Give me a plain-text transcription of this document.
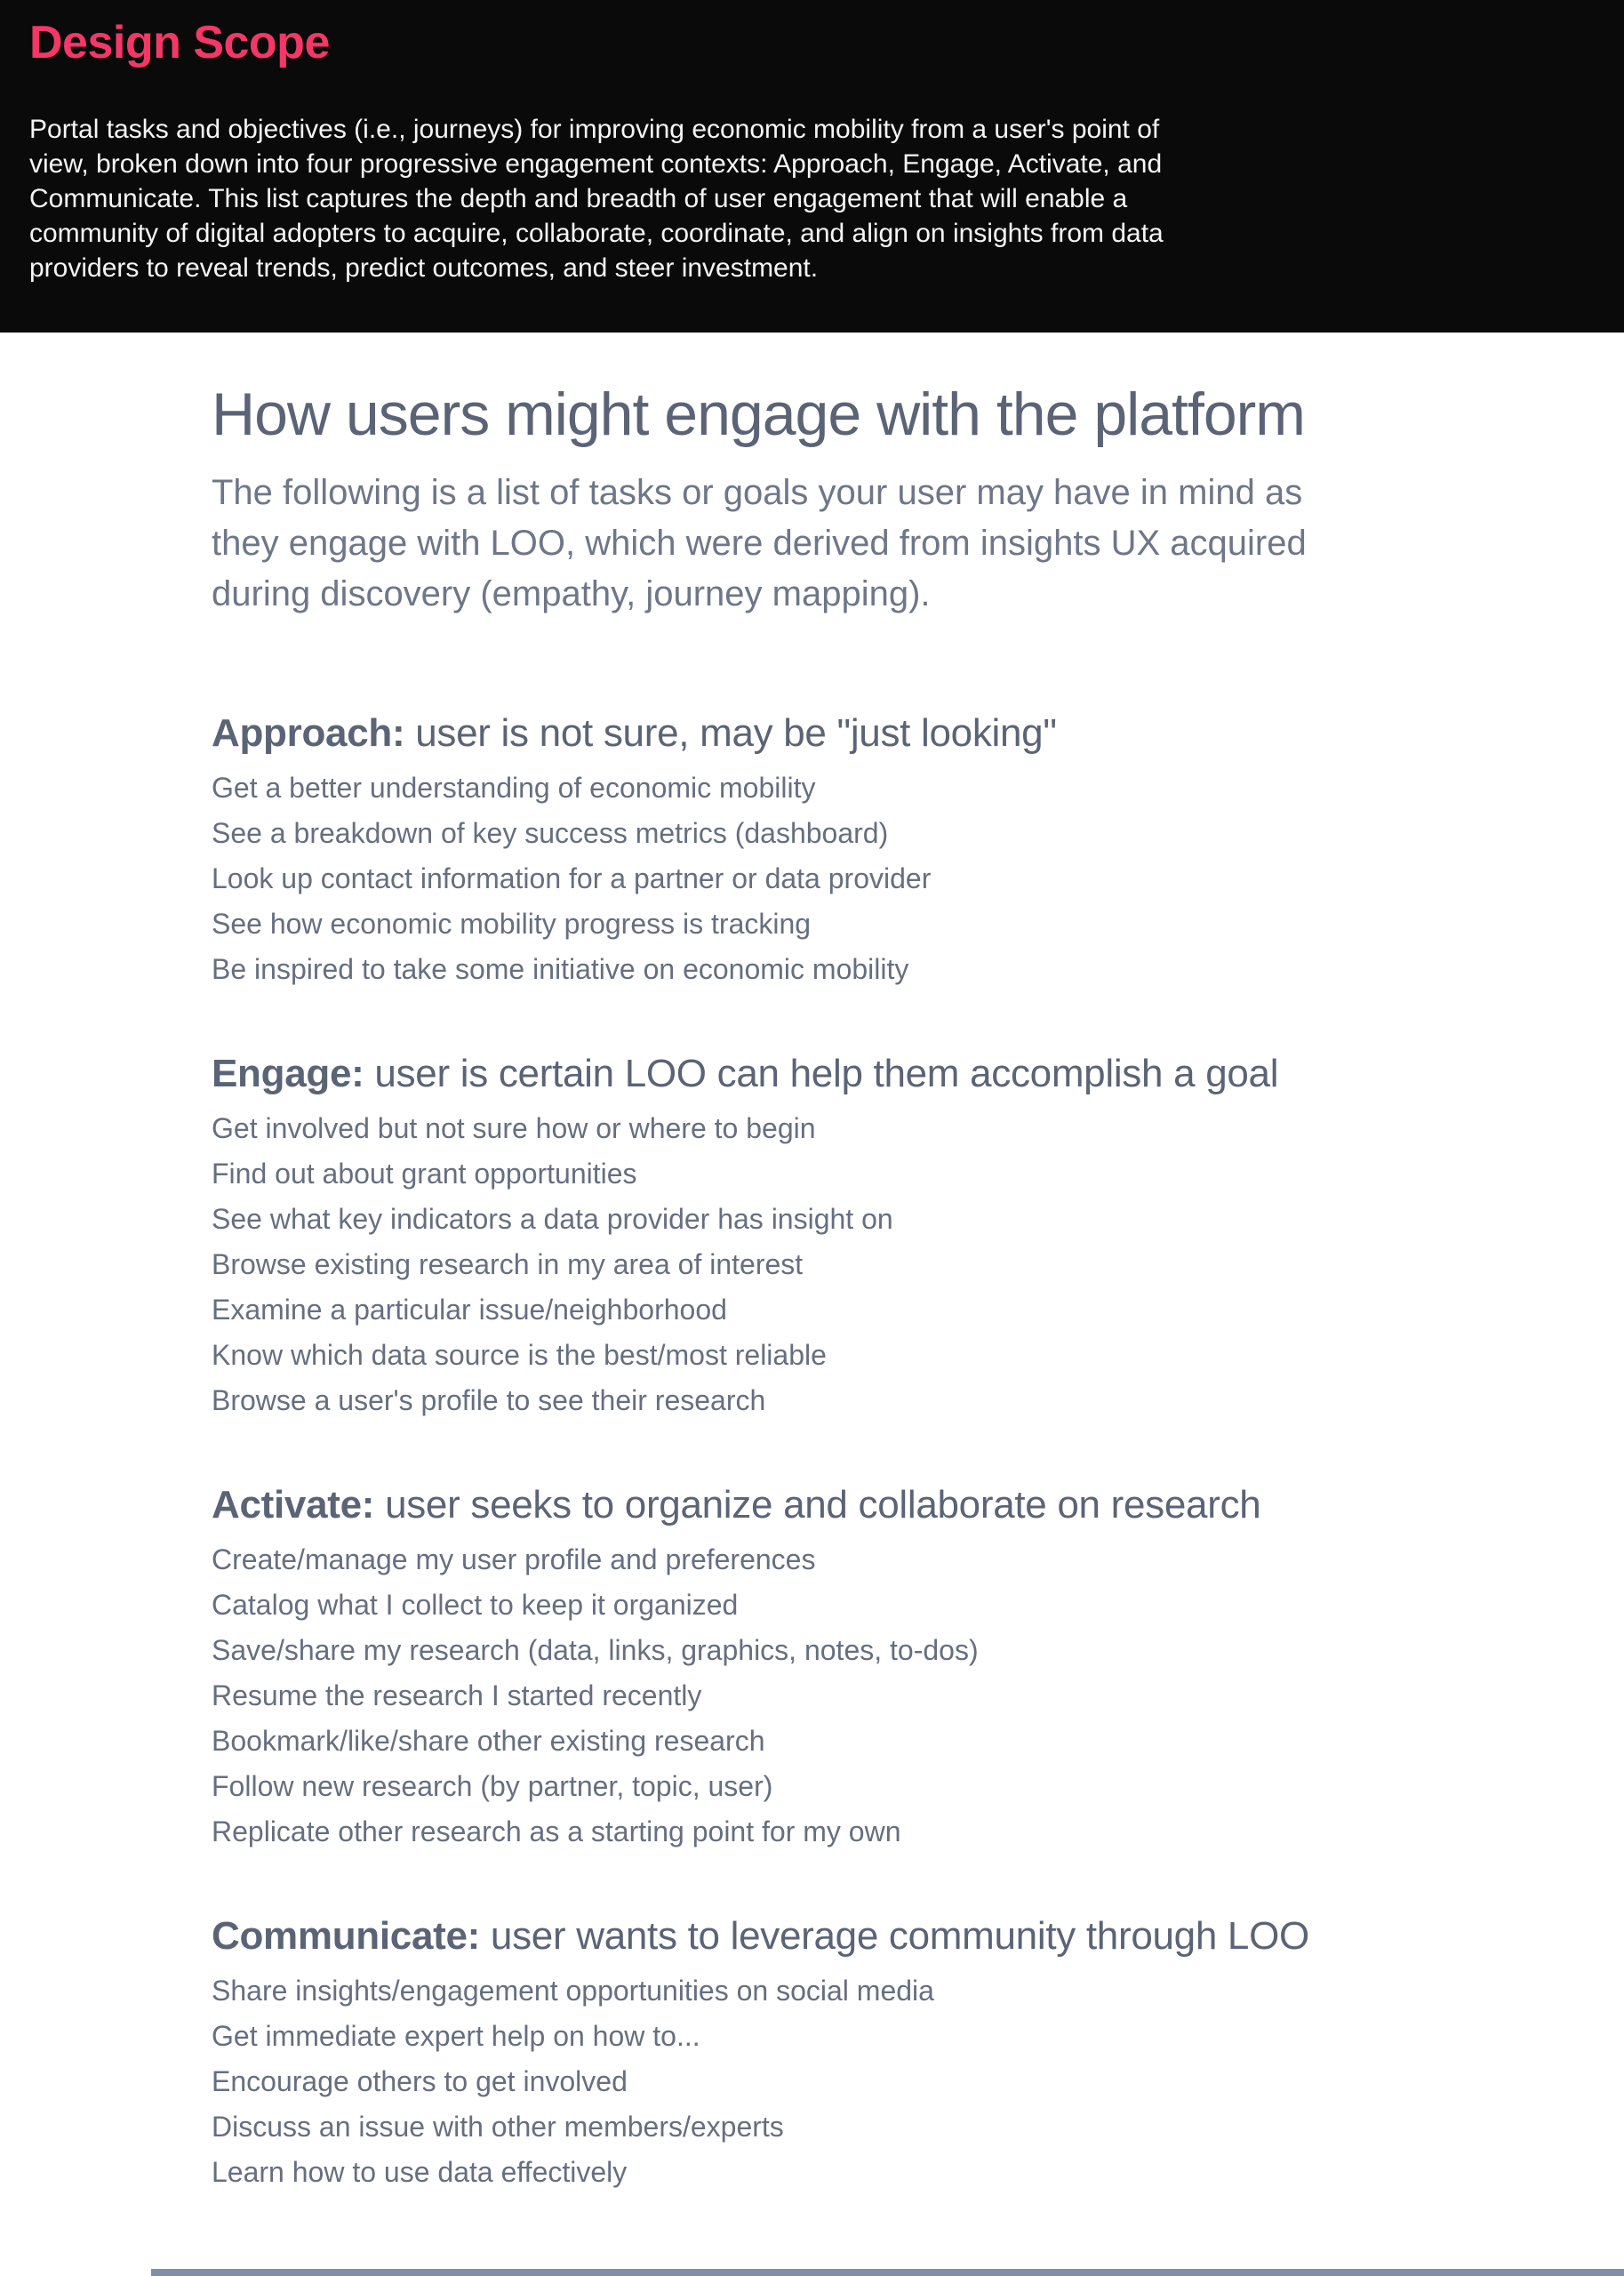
Design Scope
Portal tasks and objectives (i.e., journeys) for improving economic mobility from a user's point of
view, broken down into four progressive engagement contexts: Approach, Engage, Activate, and
Communicate. This list captures the depth and breadth of user engagement that will enable a
community of digital adopters to acquire, collaborate, coordinate, and align on insights from data
providers to reveal trends, predict outcomes, and steer investment.
How users might engage with the platform
The following is a list of tasks or goals your user may have in mind as
they engage with LOO, which were derived from insights UX acquired
during discovery (empathy, journey mapping).
Approach: user is not sure, may be "just looking"
Get a better understanding of economic mobility
See a breakdown of key success metrics (dashboard)
Look up contact information for a partner or data provider
See how economic mobility progress is tracking
Be inspired to take some initiative on economic mobility
Engage: user is certain LOO can help them accomplish a goal
Get involved but not sure how or where to begin
Find out about grant opportunities
See what key indicators a data provider has insight on
Browse existing research in my area of interest
Examine a particular issue/neighborhood
Know which data source is the best/most reliable
Browse a user's profile to see their research
Activate: user seeks to organize and collaborate on research
Create/manage my user profile and preferences
Catalog what I collect to keep it organized
Save/share my research (data, links, graphics, notes, to-dos)
Resume the research I started recently
Bookmark/like/share other existing research
Follow new research (by partner, topic, user)
Replicate other research as a starting point for my own
Communicate: user wants to leverage community through LOO
Share insights/engagement opportunities on social media
Get immediate expert help on how to...
Encourage others to get involved
Discuss an issue with other members/experts
Learn how to use data effectively
